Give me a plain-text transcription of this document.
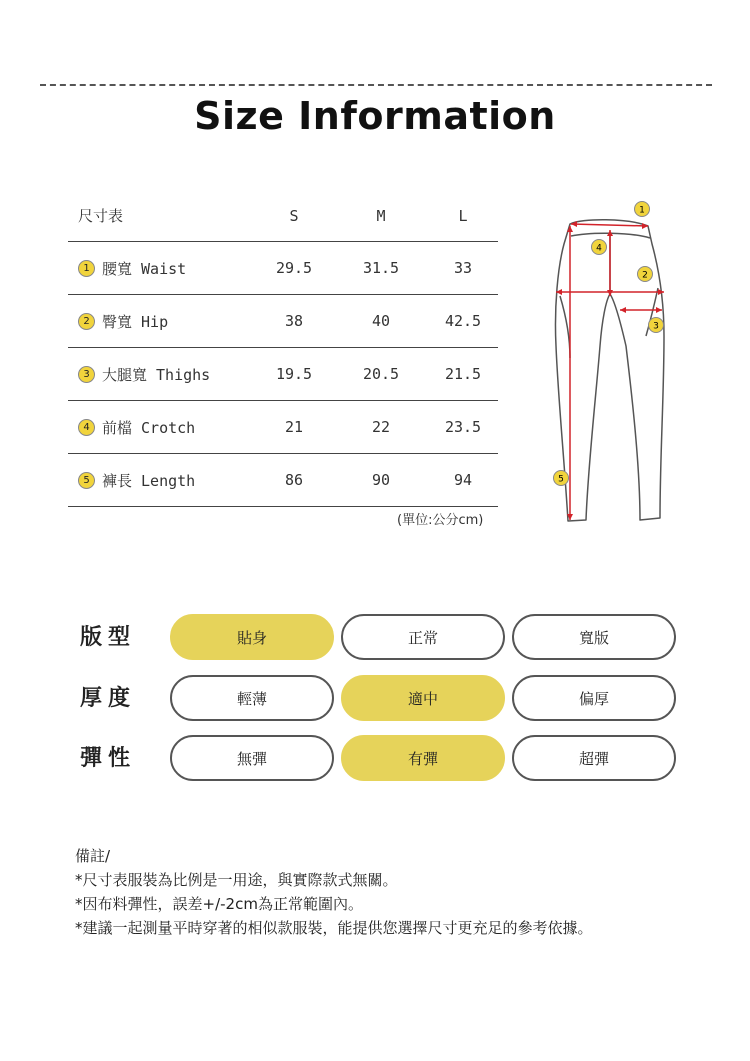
Size Information
尺寸表	S	M	L
1 腰寬 Waist	29.5	31.5	33
2 臀寬 Hip	38	40	42.5
3 大腿寬 Thighs	19.5	20.5	21.5
4 前檔 Crotch	21	22	23.5
5 褲長 Length	86	90	94
(單位:公分cm)
1
4
2
3
5
版型	貼身	正常	寬版
厚度	輕薄	適中	偏厚
彈性	無彈	有彈	超彈
備註/
*尺寸表服裝為比例是一用途，與實際款式無關。
*因布料彈性，誤差+/-2cm為正常範圍內。
*建議一起測量平時穿著的相似款服裝，能提供您選擇尺寸更充足的參考依據。
